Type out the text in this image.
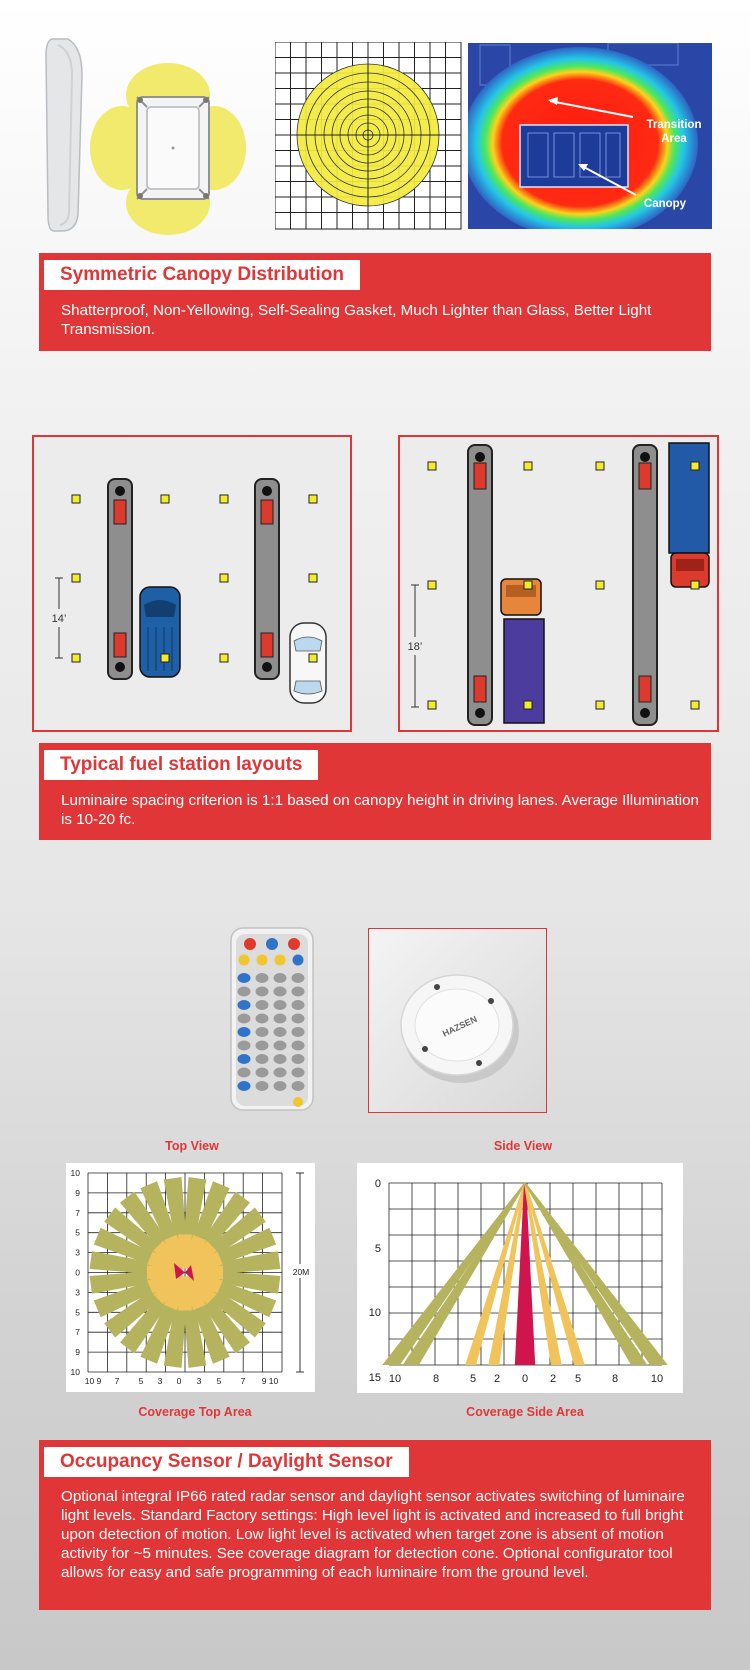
Transition
Area
Canopy
Symmetric Canopy Distribution
Shatterproof, Non-Yellowing, Self-Sealing Gasket, Much Lighter than Glass, Better Light Transmission.
14’
18’
Typical fuel station layouts
Luminaire spacing criterion is 1:1 based on canopy height in driving lanes. Average Illumination is 10-20 fc.
HAZSEN
Top View	Side View
20M
10
9
7
5
3
0
3
5
7
9
10
10 9 7 5 3 0 3 5 7 9 10
0
5
10
15 10	8	5 2 0 2 5	8	10
Coverage Top Area	Coverage Side Area
Occupancy Sensor / Daylight Sensor
Optional integral IP66 rated radar sensor and daylight sensor activates switching of luminaire light levels. Standard Factory settings: High level light is activated and increased to full bright upon detection of motion. Low light level is activated when target zone is absent of motion activity for ~5 minutes. See coverage diagram for detection cone. Optional configurator tool allows for easy and safe programming of each luminaire from the ground level.
